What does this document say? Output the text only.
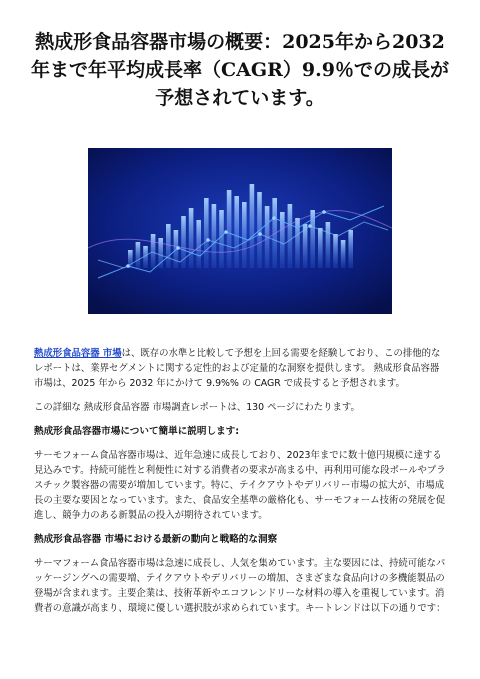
熱成形食品容器市場の概要：2025年から2032年まで年平均成長率（CAGR）9.9％での成長が予想されています。

熱成形食品容器 市場は、既存の水準と比較して予想を上回る需要を経験しており、この排他的なレポートは、業界セグメントに関する定性的および定量的な洞察を提供します。 熱成形食品容器 市場は、2025 年から 2032 年にかけて 9.9%% の CAGR で成長すると予想されます。

この詳細な 熱成形食品容器 市場調査レポートは、130 ページにわたります。

熱成形食品容器市場について簡単に説明します:

サーモフォーム食品容器市場は、近年急速に成長しており、2023年までに数十億円規模に達する見込みです。持続可能性と利便性に対する消費者の要求が高まる中、再利用可能な段ボールやプラスチック製容器の需要が増加しています。特に、テイクアウトやデリバリー市場の拡大が、市場成長の主要な要因となっています。また、食品安全基準の厳格化も、サーモフォーム技術の発展を促進し、競争力のある新製品の投入が期待されています。

熱成形食品容器 市場における最新の動向と戦略的な洞察

サーマフォーム食品容器市場は急速に成長し、人気を集めています。主な要因には、持続可能なパッケージングへの需要増、テイクアウトやデリバリーの増加、さまざまな食品向けの多機能製品の登場が含まれます。主要企業は、技術革新やエコフレンドリーな材料の導入を重視しています。消費者の意識が高まり、環境に優しい選択肢が求められています。キートレンドは以下の通りです：
